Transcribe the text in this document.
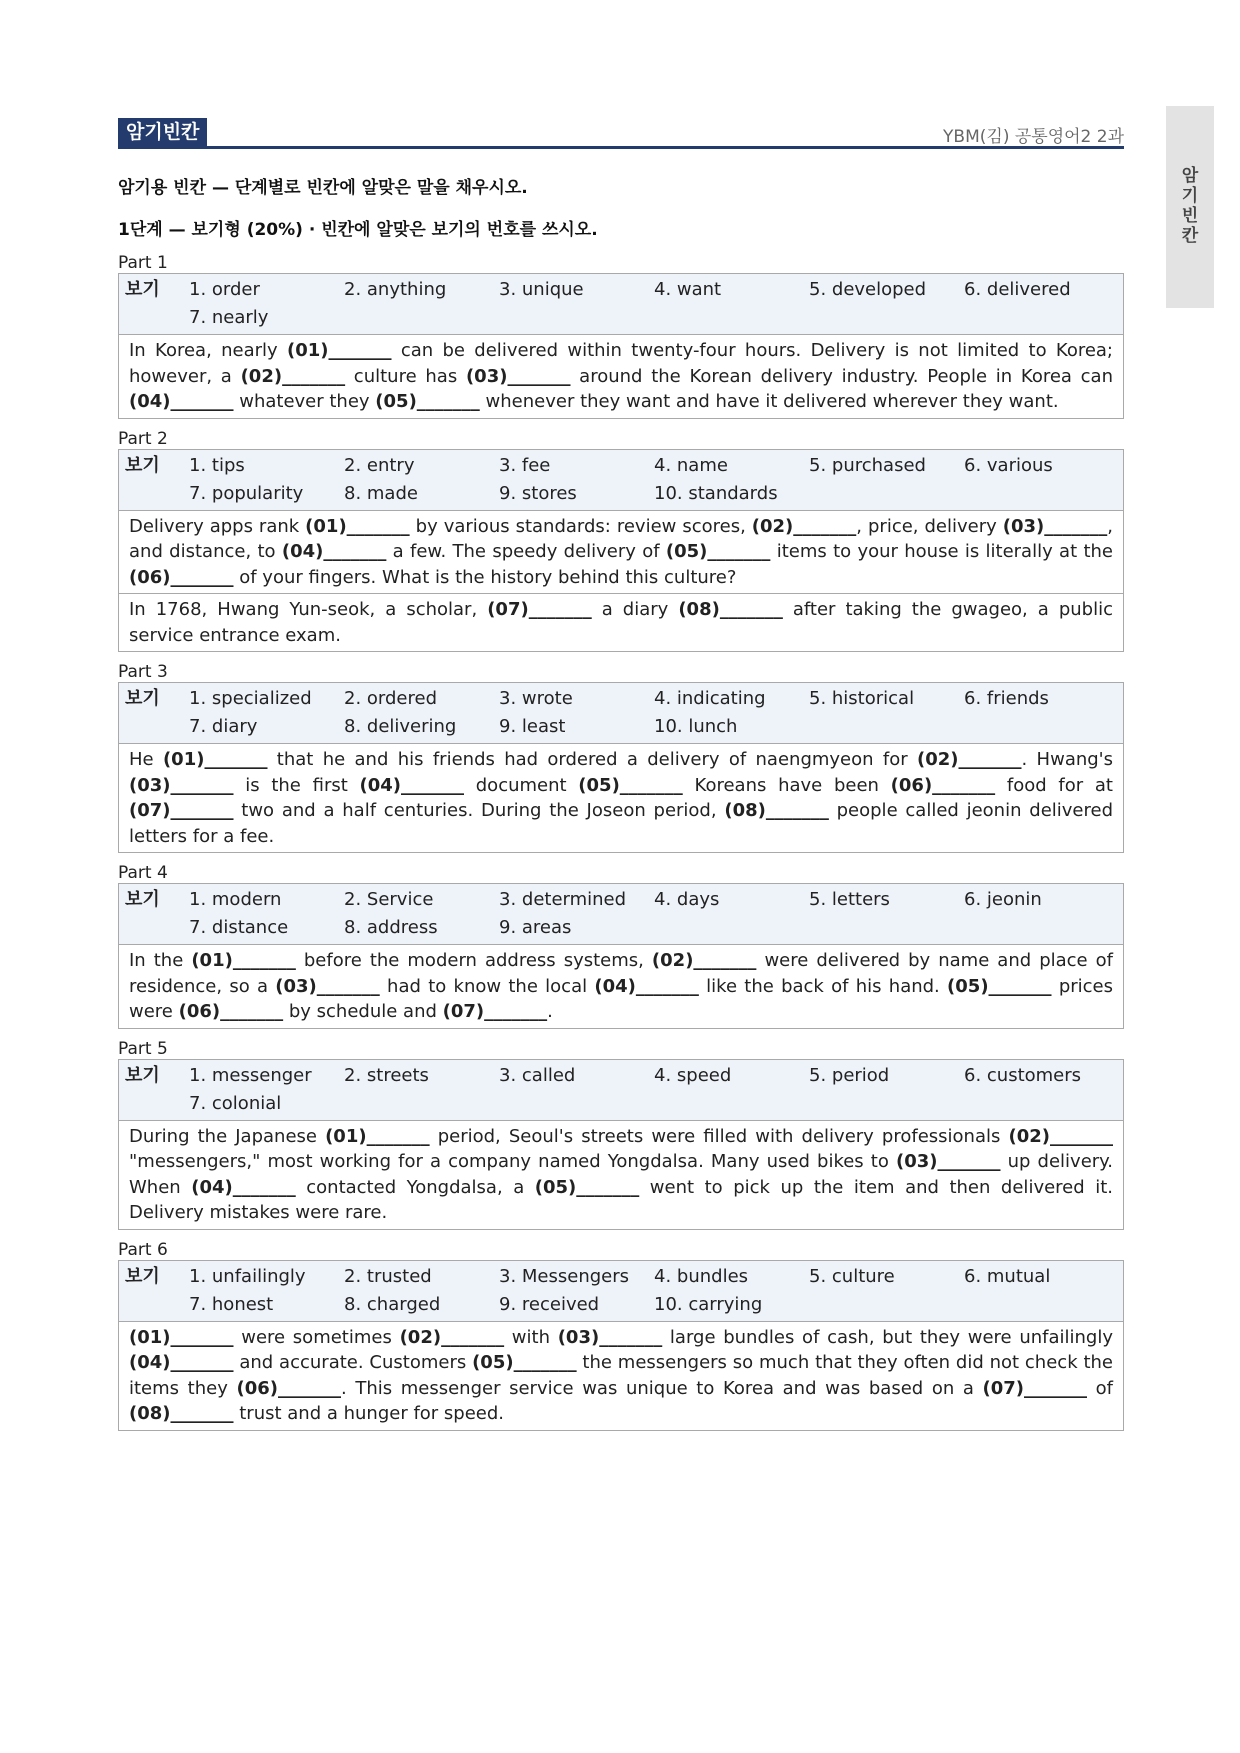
암
기
빈
칸
암기빈칸	YBM(김) 공통영어2 2과
암기용 빈칸 — 단계별로 빈칸에 알맞은 말을 채우시오.
1단계 — 보기형 (20%) · 빈칸에 알맞은 보기의 번호를 쓰시오.
Part 1
보기	1. order	2. anything	3. unique	4. want	5. developed	6. delivered
7. nearly
In Korea, nearly (01)_______ can be delivered within twenty-four hours. Delivery is not limited to Korea; however, a (02)_______ culture has (03)_______ around the Korean delivery industry. People in Korea can (04)_______ whatever they (05)_______ whenever they want and have it delivered wherever they want.
Part 2
보기	1. tips	2. entry	3. fee	4. name	5. purchased	6. various
7. popularity	8. made	9. stores	10. standards
Delivery apps rank (01)_______ by various standards: review scores, (02)_______, price, delivery (03)_______, and distance, to (04)_______ a few. The speedy delivery of (05)_______ items to your house is literally at the (06)_______ of your fingers. What is the history behind this culture?
In 1768, Hwang Yun-seok, a scholar, (07)_______ a diary (08)_______ after taking the gwageo, a public service entrance exam.
Part 3
보기	1. specialized	2. ordered	3. wrote	4. indicating	5. historical	6. friends
7. diary	8. delivering	9. least	10. lunch
He (01)_______ that he and his friends had ordered a delivery of naengmyeon for (02)_______. Hwang's (03)_______ is the first (04)_______ document (05)_______ Koreans have been (06)_______ food for at (07)_______ two and a half centuries. During the Joseon period, (08)_______ people called jeonin delivered letters for a fee.
Part 4
보기	1. modern	2. Service	3. determined	4. days	5. letters	6. jeonin
7. distance	8. address	9. areas
In the (01)_______ before the modern address systems, (02)_______ were delivered by name and place of residence, so a (03)_______ had to know the local (04)_______ like the back of his hand. (05)_______ prices were (06)_______ by schedule and (07)_______.
Part 5
보기	1. messenger	2. streets	3. called	4. speed	5. period	6. customers
7. colonial
During the Japanese (01)_______ period, Seoul's streets were filled with delivery professionals (02)_______ "messengers," most working for a company named Yongdalsa. Many used bikes to (03)_______ up delivery. When (04)_______ contacted Yongdalsa, a (05)_______ went to pick up the item and then delivered it. Delivery mistakes were rare.
Part 6
보기	1. unfailingly	2. trusted	3. Messengers	4. bundles	5. culture	6. mutual
7. honest	8. charged	9. received	10. carrying
(01)_______ were sometimes (02)_______ with (03)_______ large bundles of cash, but they were unfailingly (04)_______ and accurate. Customers (05)_______ the messengers so much that they often did not check the items they (06)_______. This messenger service was unique to Korea and was based on a (07)_______ of (08)_______ trust and a hunger for speed.
